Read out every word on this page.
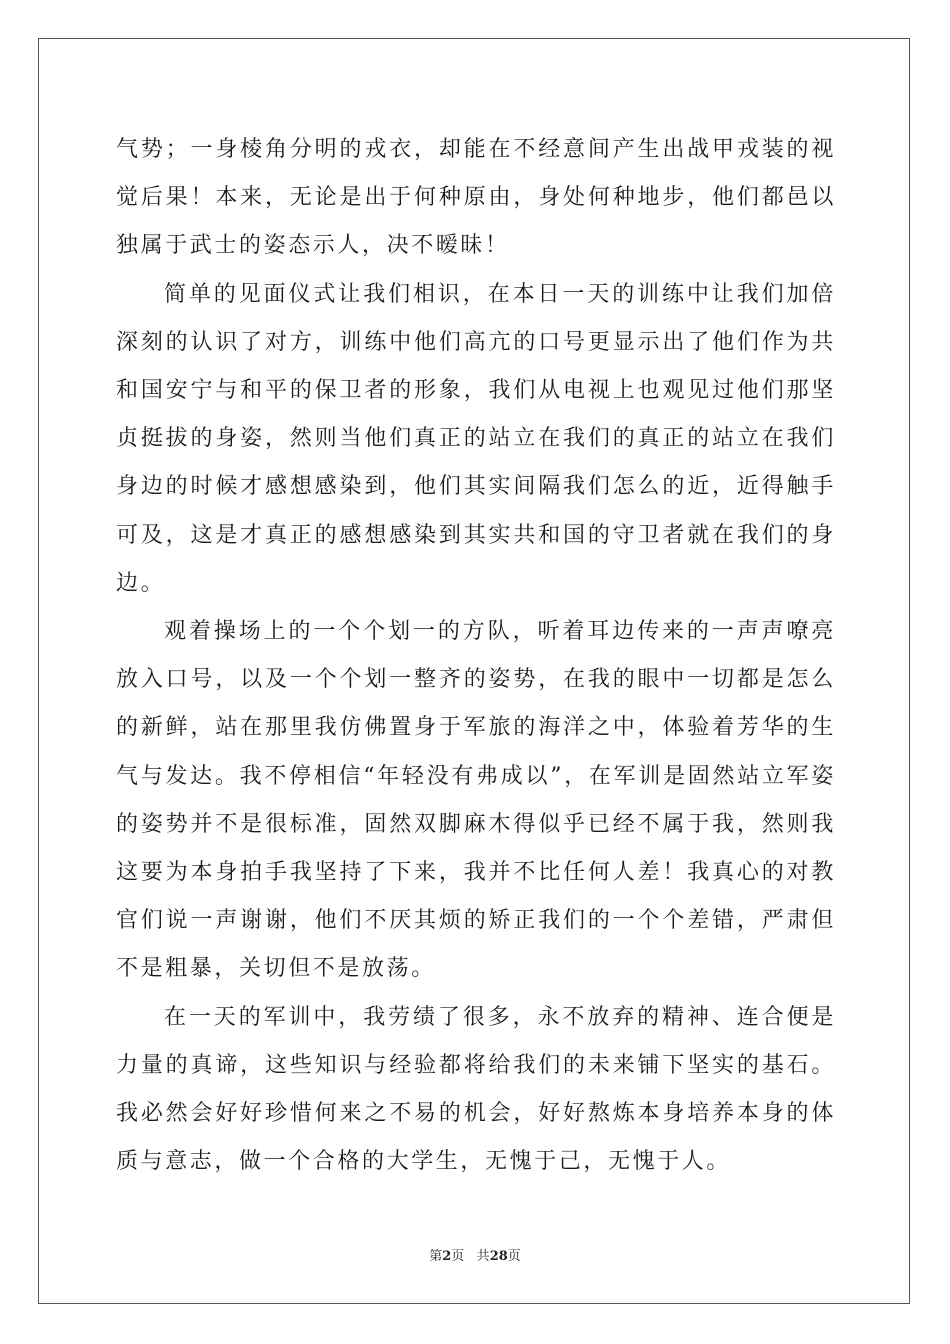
气势；一身棱角分明的戎衣，却能在不经意间产生出战甲戎装的视觉后果！本来，无论是出于何种原由，身处何种地步，他们都邑以独属于武士的姿态示人，决不暧昧！

简单的见面仪式让我们相识，在本日一天的训练中让我们加倍深刻的认识了对方，训练中他们高亢的口号更显示出了他们作为共和国安宁与和平的保卫者的形象，我们从电视上也观见过他们那坚贞挺拔的身姿，然则当他们真正的站立在我们的真正的站立在我们身边的时候才感想感染到，他们其实间隔我们怎么的近，近得触手可及，这是才真正的感想感染到其实共和国的守卫者就在我们的身边。

观着操场上的一个个划一的方队，听着耳边传来的一声声嘹亮放入口号，以及一个个划一整齐的姿势，在我的眼中一切都是怎么的新鲜，站在那里我仿佛置身于军旅的海洋之中，体验着芳华的生气与发达。我不停相信“年轻没有弗成以”，在军训是固然站立军姿的姿势并不是很标准，固然双脚麻木得似乎已经不属于我，然则我这要为本身拍手我坚持了下来，我并不比任何人差！我真心的对教官们说一声谢谢，他们不厌其烦的矫正我们的一个个差错，严肃但不是粗暴，关切但不是放荡。

在一天的军训中，我劳绩了很多，永不放弃的精神、连合便是力量的真谛，这些知识与经验都将给我们的未来铺下坚实的基石。我必然会好好珍惜何来之不易的机会，好好熬炼本身培养本身的体质与意志，做一个合格的大学生，无愧于己，无愧于人。

第2页 共28页
